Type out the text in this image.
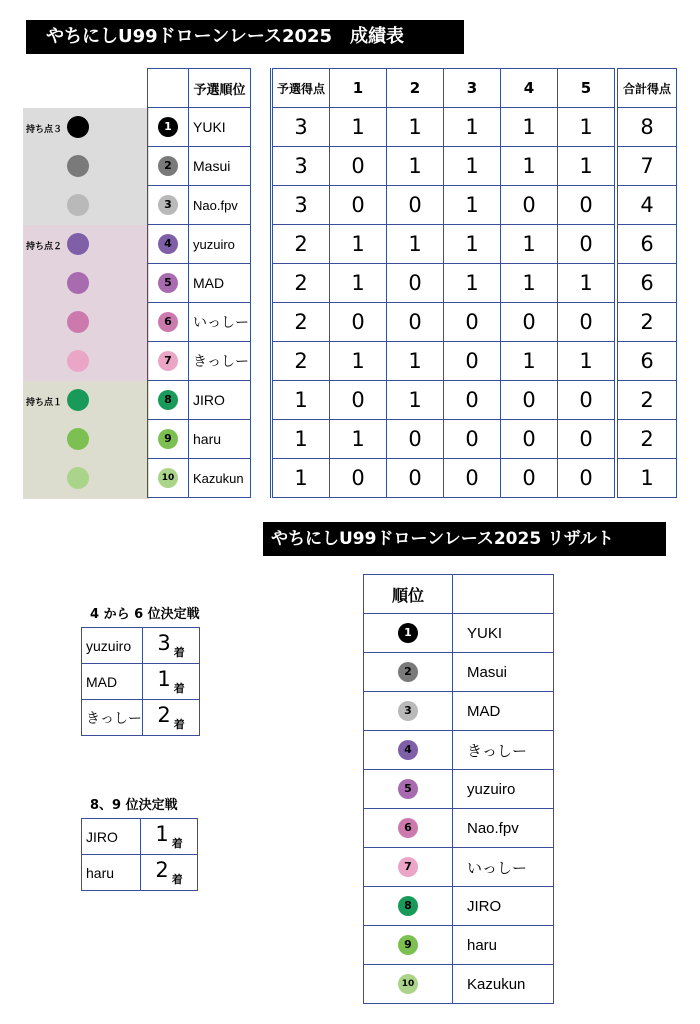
やちにしU99ドローンレース2025　成績表
持ち点３
持ち点２
持ち点１
	予選順位
1	YUKI
2	Masui
3	Nao.fpv
4	yuzuiro
5	MAD
6	いっしー
7	きっしー
8	JIRO
9	haru
10	Kazukun
予選得点	1	2	3	4	5	合計得点
3	1	1	1	1	1	8
3	0	1	1	1	1	7
3	0	0	1	0	0	4
2	1	1	1	1	0	6
2	1	0	1	1	1	6
2	0	0	0	0	0	2
2	1	1	0	1	1	6
1	0	1	0	0	0	2
1	1	0	0	0	0	2
1	0	0	0	0	0	1
やちにしU99ドローンレース2025 リザルト
4 から 6 位決定戦
yuzuiro	3 $_着$
MAD	1 $_着$
きっしー	2 $_着$
8、9 位決定戦
JIRO	1 $_着$
haru	2 $_着$
順位	
1	YUKI
2	Masui
3	MAD
4	きっしー
5	yuzuiro
6	Nao.fpv
7	いっしー
8	JIRO
9	haru
10	Kazukun
